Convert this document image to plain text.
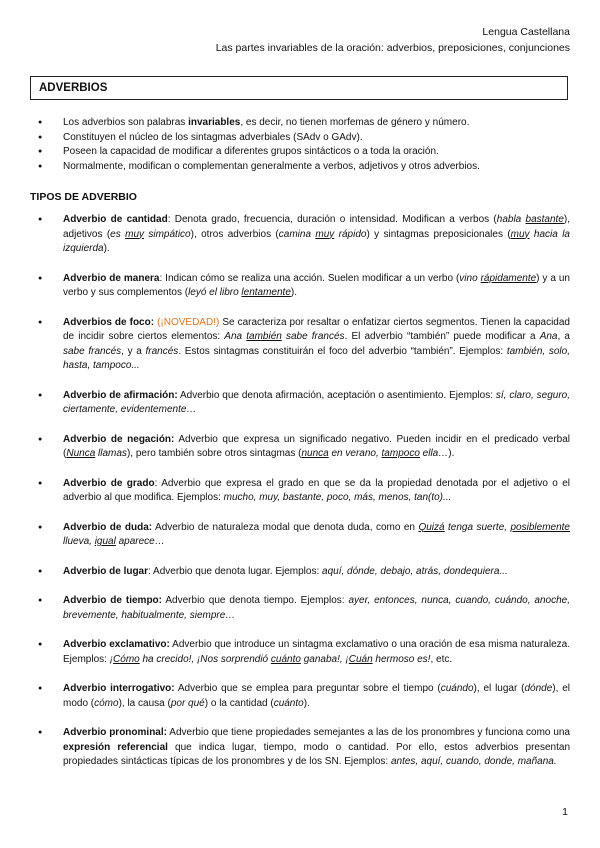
Lengua Castellana
Las partes invariables de la oración: adverbios, preposiciones, conjunciones
ADVERBIOS
● Los adverbios son palabras invariables, es decir, no tienen morfemas de género y número.
● Constituyen el núcleo de los sintagmas adverbiales (SAdv o GAdv).
● Poseen la capacidad de modificar a diferentes grupos sintácticos o a toda la oración.
● Normalmente, modifican o complementan generalmente a verbos, adjetivos y otros adverbios.
TIPOS DE ADVERBIO
● Adverbio de cantidad: Denota grado, frecuencia, duración o intensidad. Modifican a verbos (habla bastante), adjetivos (es muy simpático), otros adverbios (camina muy rápido) y sintagmas preposicionales (muy hacia la izquierda).
● Adverbio de manera: Indican cómo se realiza una acción. Suelen modificar a un verbo (vino rápidamente) y a un verbo y sus complementos (leyó el libro lentamente).
● Adverbios de foco: (¡NOVEDAD!) Se caracteriza por resaltar o enfatizar ciertos segmentos. Tienen la capacidad de incidir sobre ciertos elementos: Ana también sabe francés. El adverbio “también” puede modificar a Ana, a sabe francés, y a francés. Estos sintagmas constituirán el foco del adverbio “también”. Ejemplos: también, solo, hasta, tampoco...
● Adverbio de afirmación: Adverbio que denota afirmación, aceptación o asentimiento. Ejemplos: sí, claro, seguro, ciertamente, evidentemente…
● Adverbio de negación: Adverbio que expresa un significado negativo. Pueden incidir en el predicado verbal (Nunca llamas), pero también sobre otros sintagmas (nunca en verano, tampoco ella…).
● Adverbio de grado: Adverbio que expresa el grado en que se da la propiedad denotada por el adjetivo o el adverbio al que modifica. Ejemplos: mucho, muy, bastante, poco, más, menos, tan(to)...
● Adverbio de duda: Adverbio de naturaleza modal que denota duda, como en Quizá tenga suerte, posiblemente llueva, igual aparece…
● Adverbio de lugar: Adverbio que denota lugar. Ejemplos: aquí, dónde, debajo, atrás, dondequiera...
● Adverbio de tiempo: Adverbio que denota tiempo. Ejemplos: ayer, entonces, nunca, cuando, cuándo, anoche, brevemente, habitualmente, siempre…
● Adverbio exclamativo: Adverbio que introduce un sintagma exclamativo o una oración de esa misma naturaleza. Ejemplos: ¡Cómo ha crecido!, ¡Nos sorprendió cuánto ganaba!, ¡Cuán hermoso es!, etc.
● Adverbio interrogativo: Adverbio que se emplea para preguntar sobre el tiempo (cuándo), el lugar (dónde), el modo (cómo), la causa (por qué) o la cantidad (cuánto).
● Adverbio pronominal: Adverbio que tiene propiedades semejantes a las de los pronombres y funciona como una expresión referencial que indica lugar, tiempo, modo o cantidad. Por ello, estos adverbios presentan propiedades sintácticas típicas de los pronombres y de los SN. Ejemplos: antes, aquí, cuando, donde, mañana.
1
